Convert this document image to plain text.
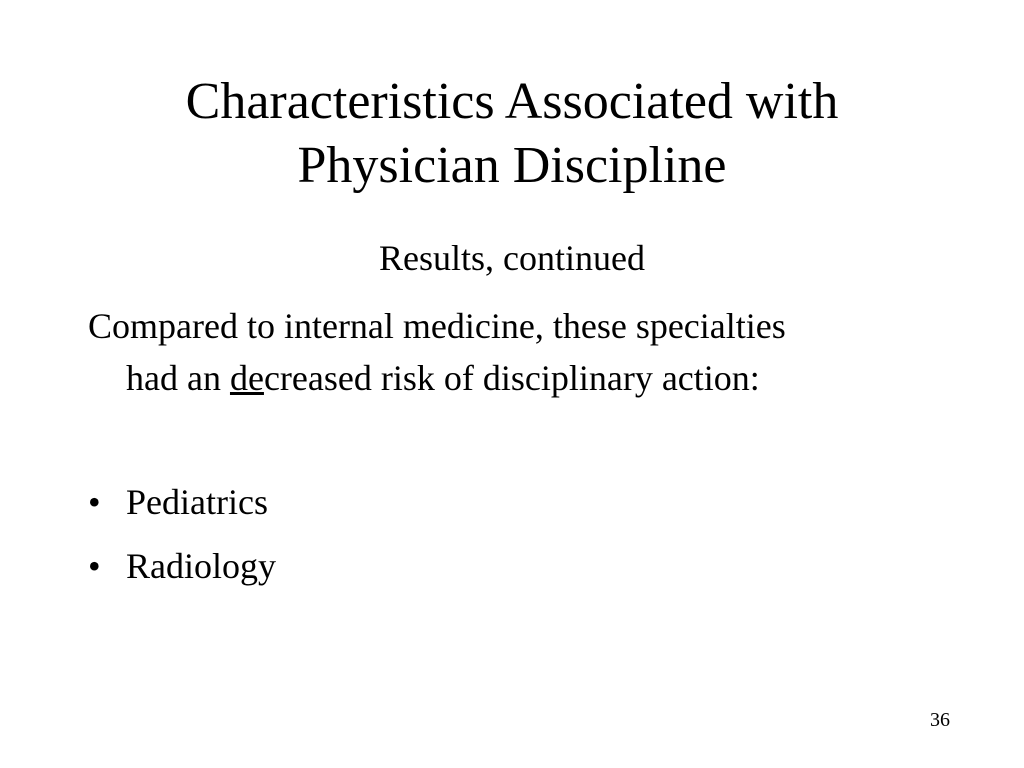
Characteristics Associated with
Physician Discipline
Results, continued
Compared to internal medicine, these specialties had an decreased risk of disciplinary action:
• Pediatrics
• Radiology
36
